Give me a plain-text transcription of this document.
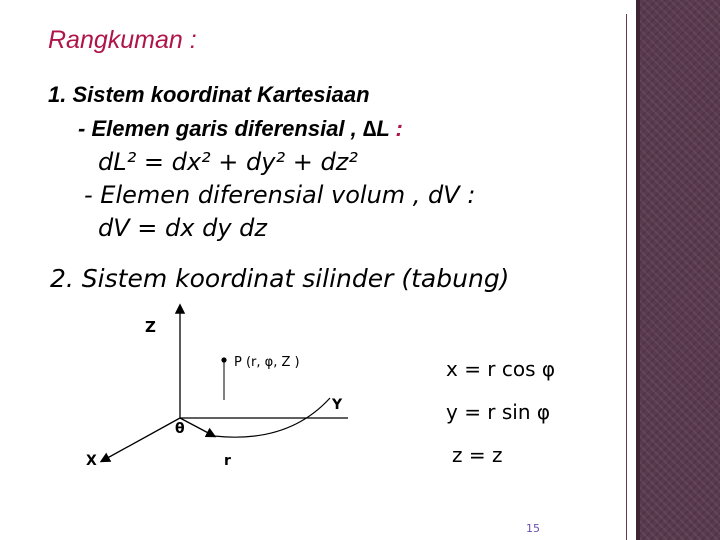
Rangkuman :
1. Sistem koordinat Kartesiaan
- Elemen garis diferensial , ∆L :
dL² = dx² + dy² + dz²
- Elemen diferensial volum , dV :
dV = dx dy dz
2. Sistem koordinat silinder (tabung)
Z
P (r, φ, Z )
Y
θ
X	r
x = r cos φ
y = r sin φ
z = z
15
